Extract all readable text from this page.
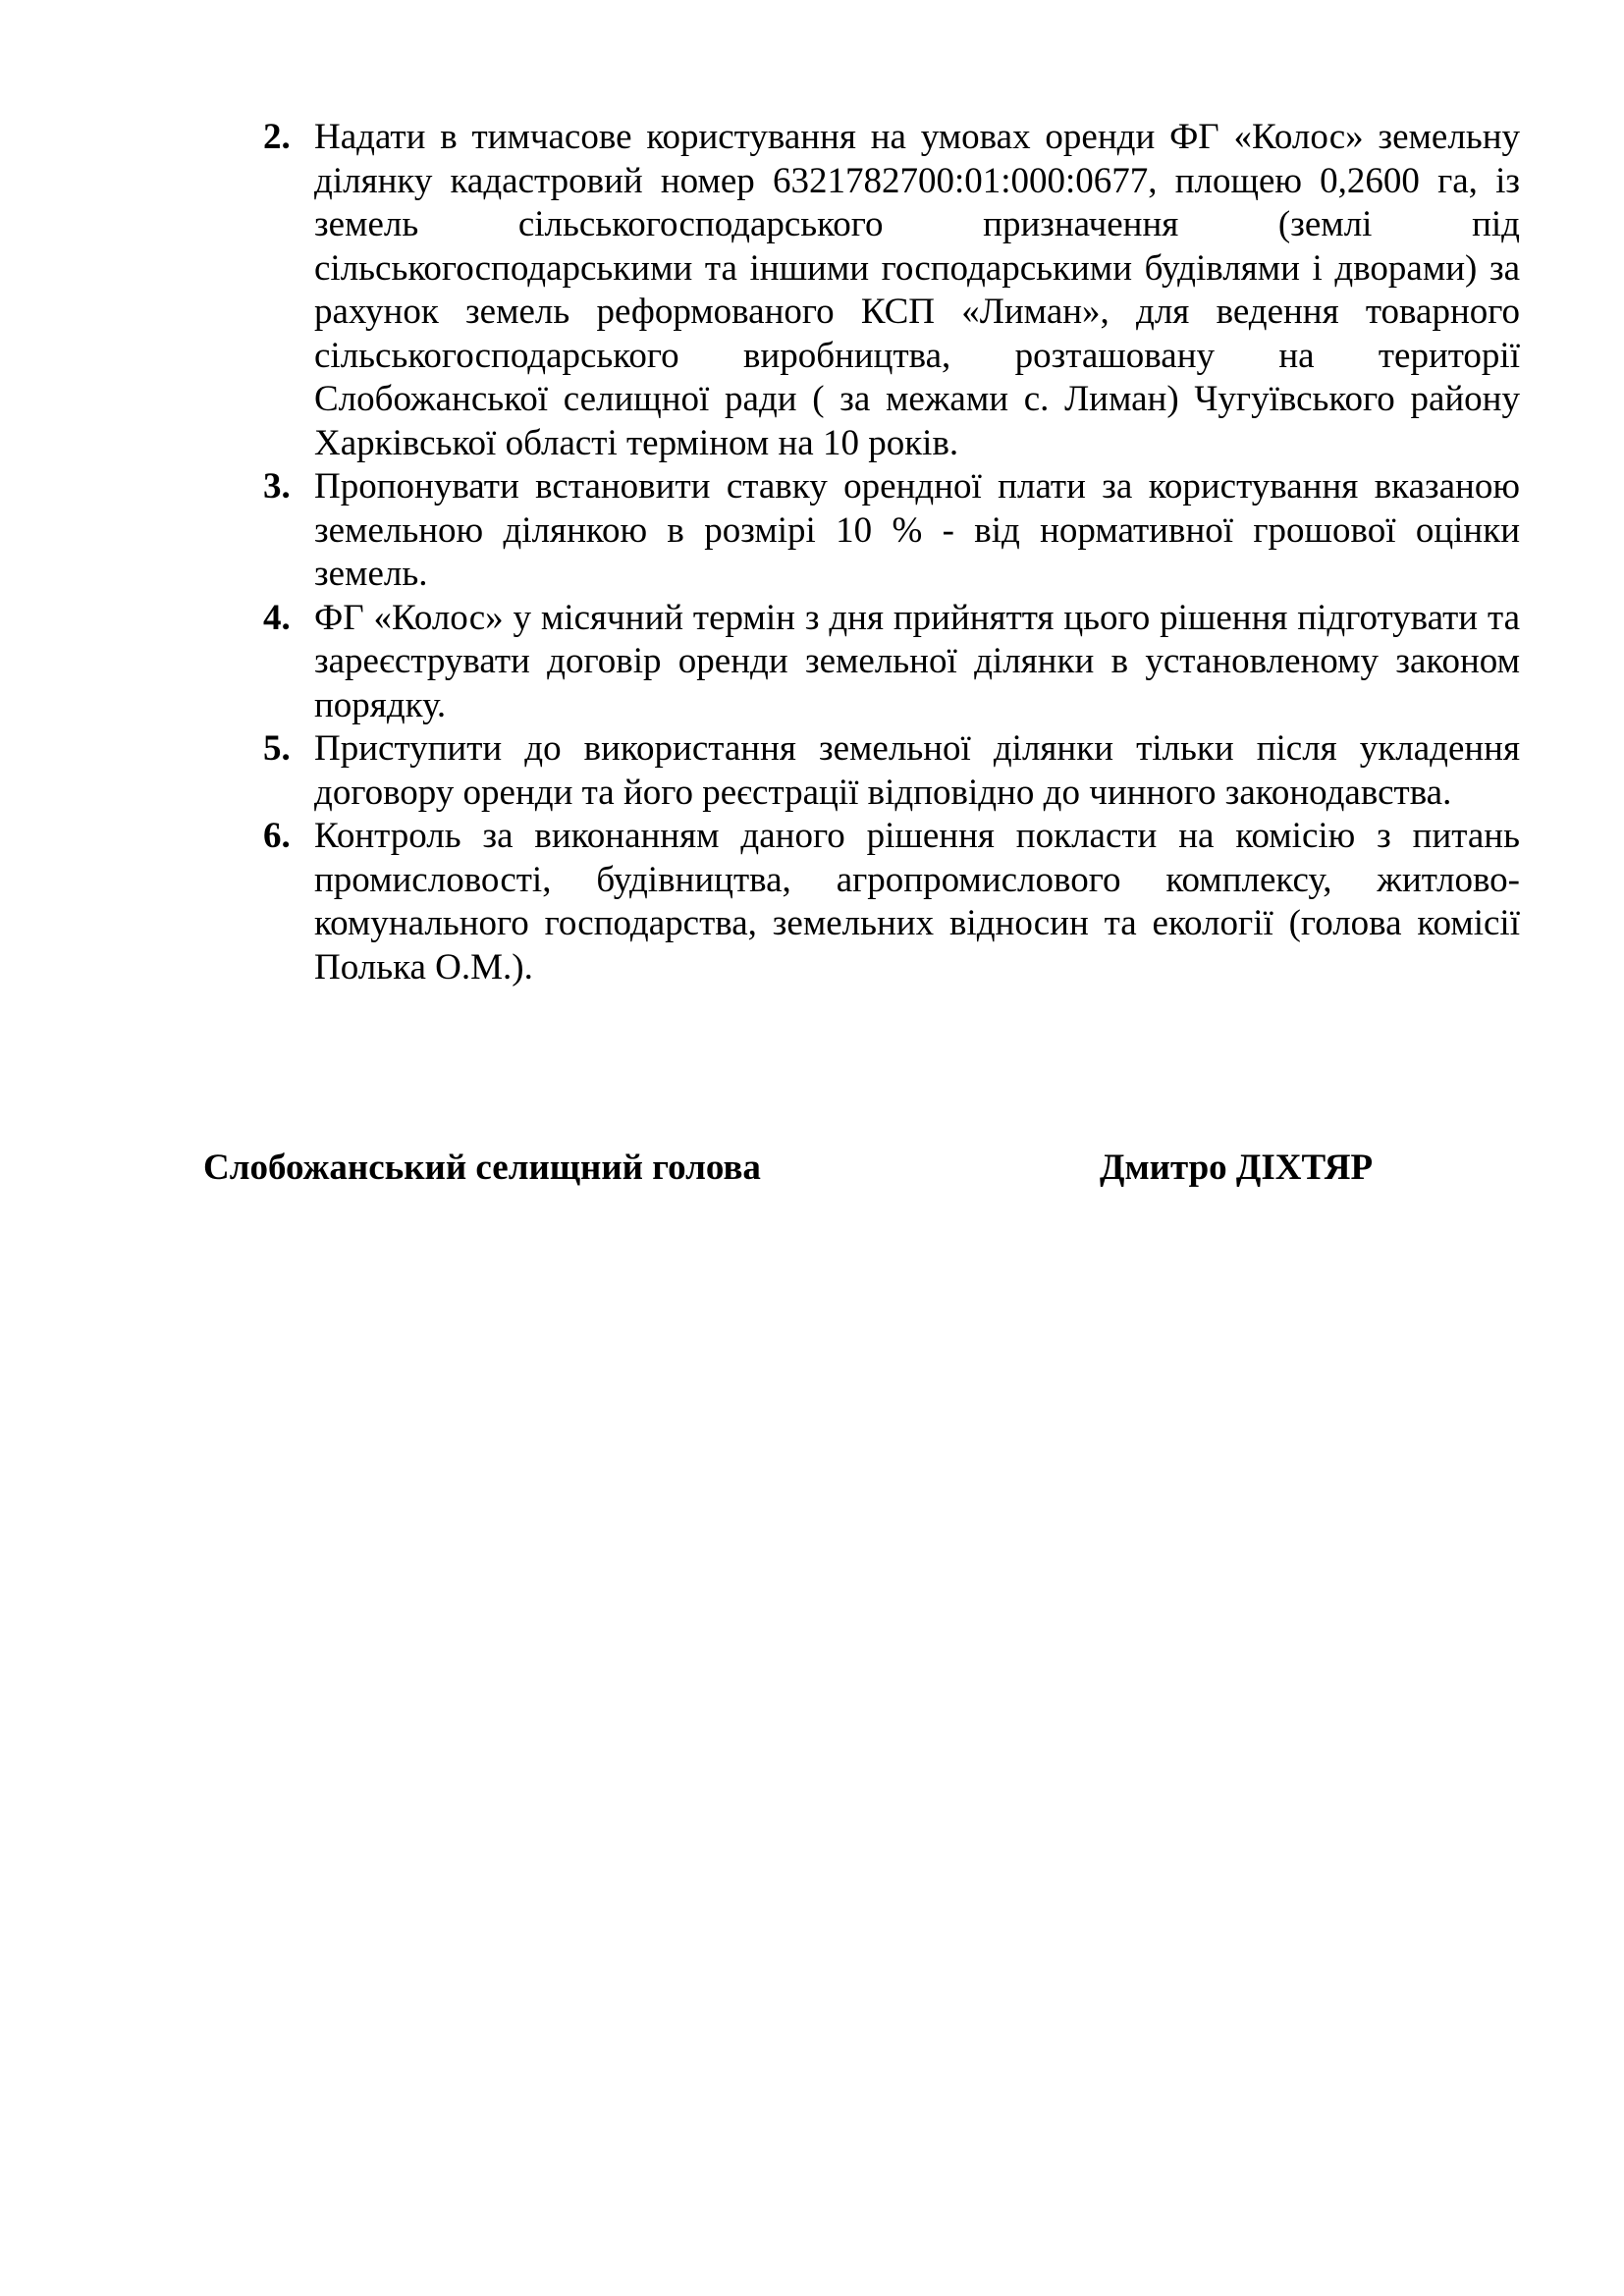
2. Надати в тимчасове користування на умовах оренди ФГ «Колос» земельну ділянку кадастровий номер 6321782700:01:000:0677, площею 0,2600 га, із земель сільськогосподарського призначення (землі під сільськогосподарськими та іншими господарськими будівлями і дворами) за рахунок земель реформованого КСП «Лиман», для ведення товарного сільськогосподарського виробництва, розташовану на території Слобожанської селищної ради ( за межами с. Лиман) Чугуївського району Харківської області терміном на 10 років.
3. Пропонувати встановити ставку орендної плати за користування вказаною земельною ділянкою в розмірі 10 % - від нормативної грошової оцінки земель.
4. ФГ «Колос» у місячний термін з дня прийняття цього рішення підготувати та зареєструвати договір оренди земельної ділянки в установленому законом порядку.
5. Приступити до використання земельної ділянки тільки після укладення договору оренди та його реєстрації відповідно до чинного законодавства.
6. Контроль за виконанням даного рішення покласти на комісію з питань промисловості, будівництва, агропромислового комплексу, житлово-комунального господарства, земельних відносин та екології (голова комісії Полька О.М.).
Слобожанський селищний голова	Дмитро ДІХТЯР
